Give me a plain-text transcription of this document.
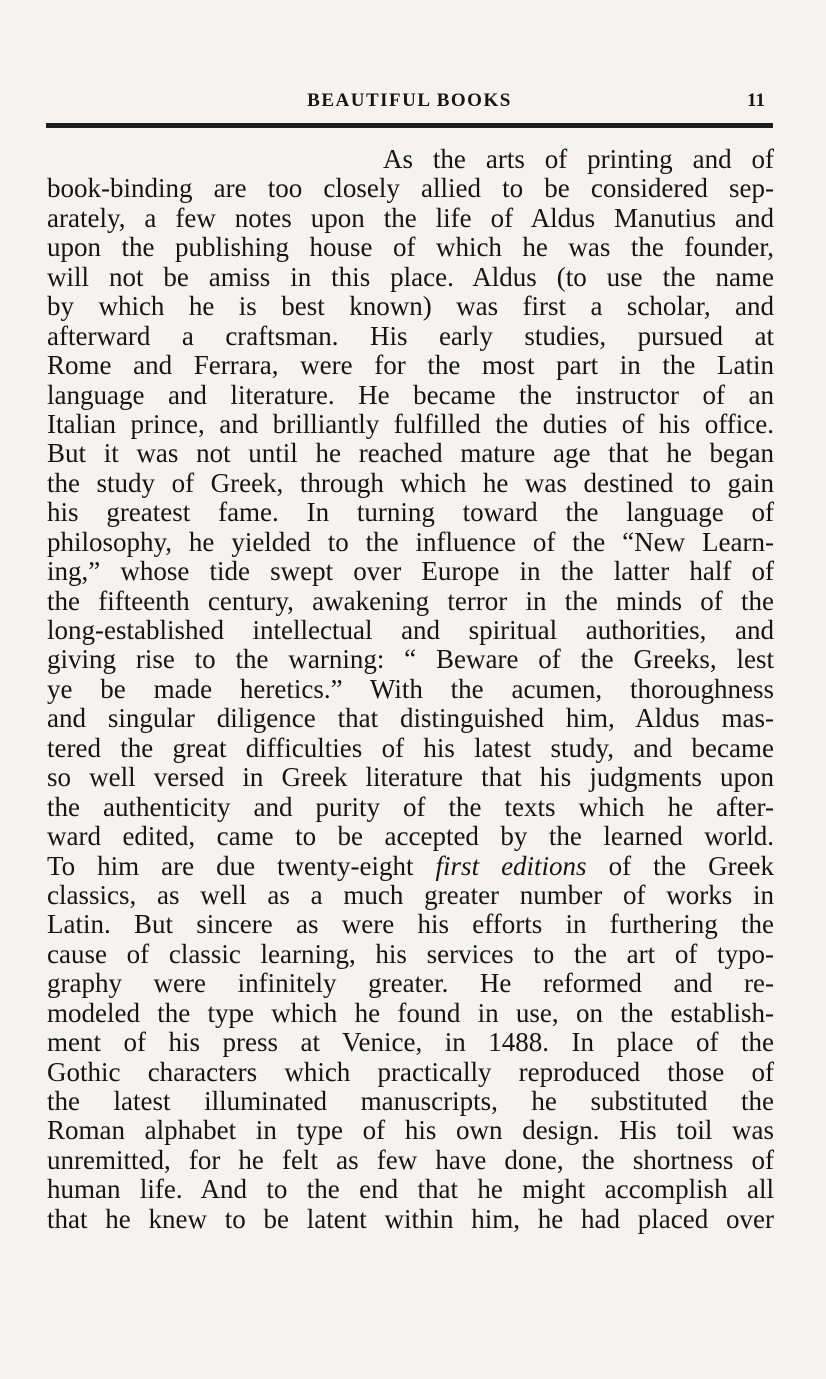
BEAUTIFUL BOOKS	11
As the arts of printing and of
book-binding are too closely allied to be considered sep-
arately, a few notes upon the life of Aldus Manutius and
upon the publishing house of which he was the founder,
will not be amiss in this place. Aldus (to use the name
by which he is best known) was first a scholar, and
afterward a craftsman. His early studies, pursued at
Rome and Ferrara, were for the most part in the Latin
language and literature. He became the instructor of an
Italian prince, and brilliantly fulfilled the duties of his office.
But it was not until he reached mature age that he began
the study of Greek, through which he was destined to gain
his greatest fame. In turning toward the language of
philosophy, he yielded to the influence of the “New Learn-
ing,” whose tide swept over Europe in the latter half of
the fifteenth century, awakening terror in the minds of the
long-established intellectual and spiritual authorities, and
giving rise to the warning: “ Beware of the Greeks, lest
ye be made heretics.” With the acumen, thoroughness
and singular diligence that distinguished him, Aldus mas-
tered the great difficulties of his latest study, and became
so well versed in Greek literature that his judgments upon
the authenticity and purity of the texts which he after-
ward edited, came to be accepted by the learned world.
To him are due twenty-eight first editions of the Greek
classics, as well as a much greater number of works in
Latin. But sincere as were his efforts in furthering the
cause of classic learning, his services to the art of typo-
graphy were infinitely greater. He reformed and re-
modeled the type which he found in use, on the establish-
ment of his press at Venice, in 1488. In place of the
Gothic characters which practically reproduced those of
the latest illuminated manuscripts, he substituted the
Roman alphabet in type of his own design. His toil was
unremitted, for he felt as few have done, the shortness of
human life. And to the end that he might accomplish all
that he knew to be latent within him, he had placed over
